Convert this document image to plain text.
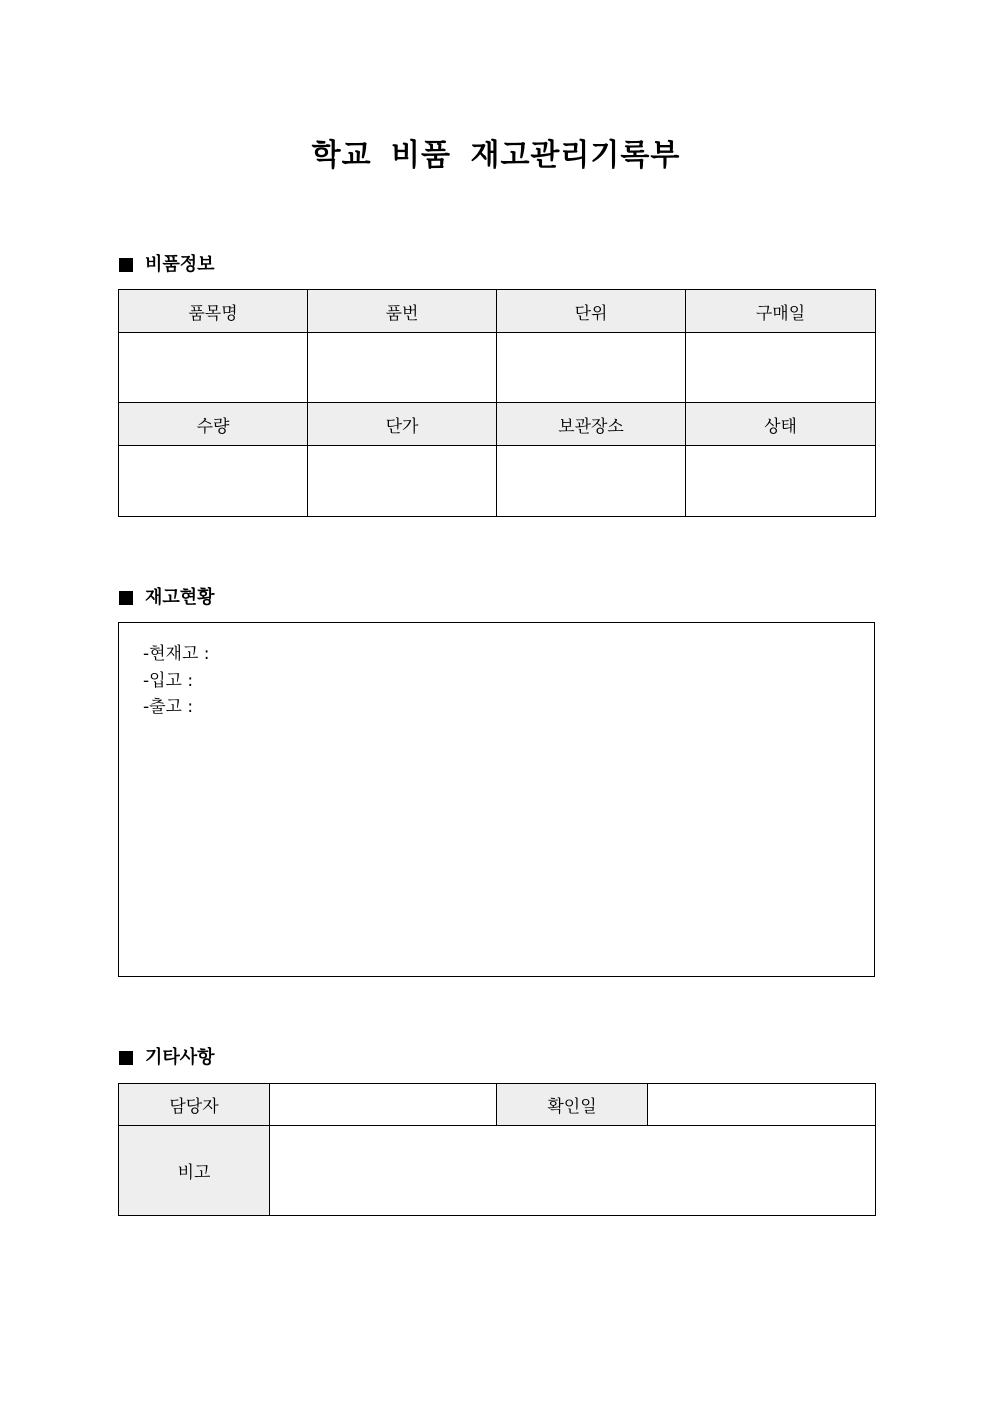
학교 비품 재고관리기록부
비품정보
품목명	품번	단위	구매일

수량	단가	보관장소	상태

재고현황
-현재고 :
-입고 :
-출고 :
기타사항
담당자		확인일	
비고			
